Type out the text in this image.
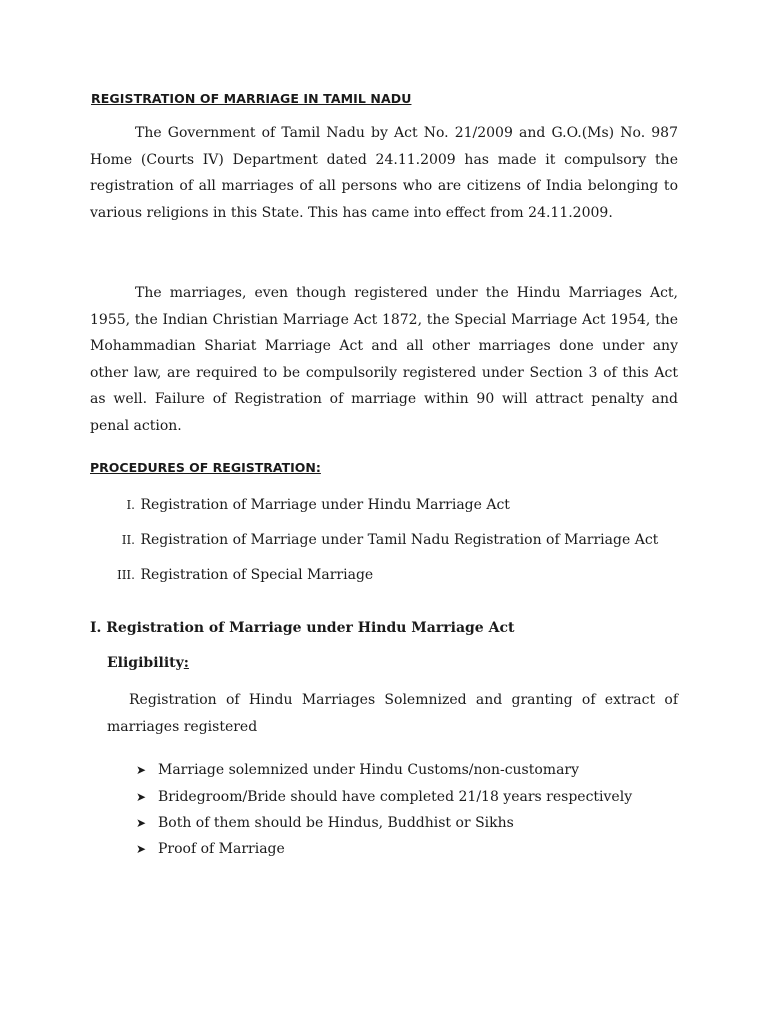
REGISTRATION OF MARRIAGE IN TAMIL NADU
The Government of Tamil Nadu by Act No. 21/2009 and G.O.(Ms) No. 987 Home (Courts IV) Department dated 24.11.2009 has made it compulsory the registration of all marriages of all persons who are citizens of India belonging to various religions in this State. This has came into effect from 24.11.2009.
The marriages, even though registered under the Hindu Marriages Act, 1955, the Indian Christian Marriage Act 1872, the Special Marriage Act 1954, the Mohammadian Shariat Marriage Act and all other marriages done under any other law, are required to be compulsorily registered under Section 3 of this Act as well. Failure of Registration of marriage within 90 will attract penalty and penal action.
PROCEDURES OF REGISTRATION:
I. Registration of Marriage under Hindu Marriage Act
II. Registration of Marriage under Tamil Nadu Registration of Marriage Act
III. Registration of Special Marriage
I. Registration of Marriage under Hindu Marriage Act
Eligibility:
Registration of Hindu Marriages Solemnized and granting of extract of marriages registered
➤ Marriage solemnized under Hindu Customs/non-customary
➤ Bridegroom/Bride should have completed 21/18 years respectively
➤ Both of them should be Hindus, Buddhist or Sikhs
➤ Proof of Marriage
